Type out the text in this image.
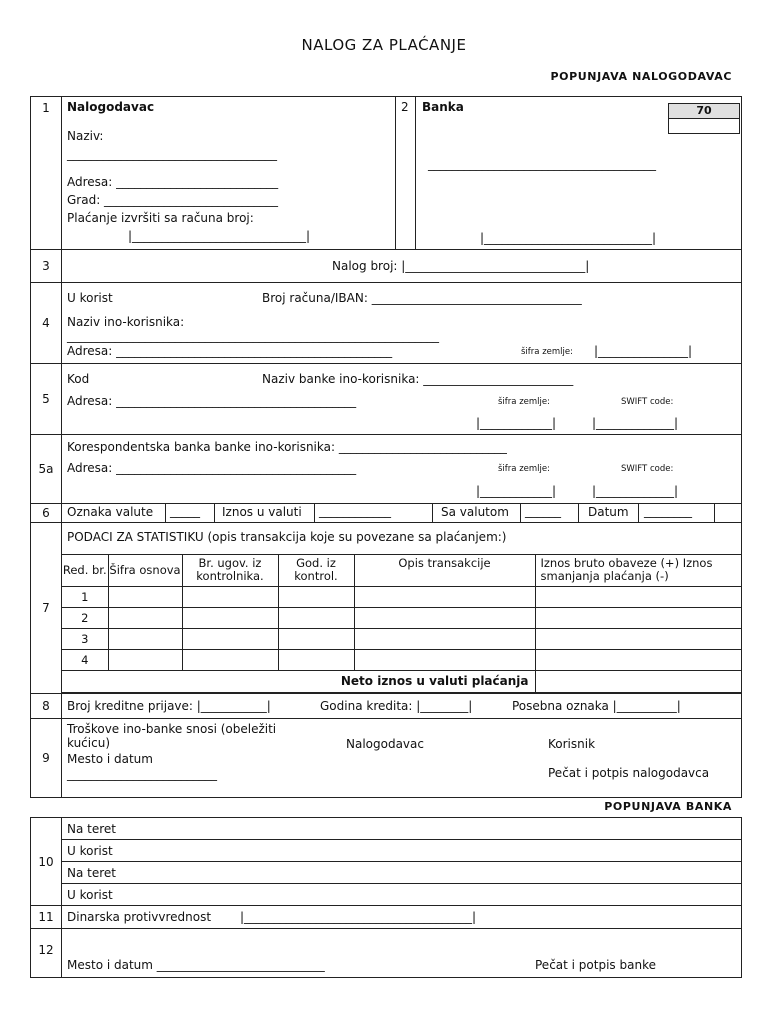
NALOG ZA PLAĆANJE
POPUNJAVA NALOGODAVAC
1	Nalogodavac
Naziv:
___________________________________
Adresa: ___________________________
Grad: _____________________________
Plaćanje izvršiti sa računa broj:
|_____________________________|
2 Banka	70
______________________________________
|____________________________|

3	Nalog broj: |______________________________|

4	
U korist	Broj računa/IBAN: ___________________________________
Naziv ino-korisnika:
______________________________________________________________
Adresa: ______________________________________________	šifra zemlje: |_______________|

5	
Kod	Naziv banke ino-korisnika: _________________________
Adresa: ________________________________________	šifra zemlje:	SWIFT code:
|____________|	|_____________|

5a	
Korespondentska banka banke ino-korisnika: ____________________________
Adresa: ________________________________________	šifra zemlje:	SWIFT code:
|____________|	|_____________|

6	Oznaka valute _____ Iznos u valuti ____________	Sa valutom ______ Datum ________

7	
PODACI ZA STATISTIKU (opis transakcija koje su povezane sa plaćanjem:)
Red. br.	Šifra osnova	Br. ugov. iz kontrolnika.	God. iz kontrol.	Opis transakcije	Iznos bruto obaveze (+) Iznos smanjanja plaćanja (-)
1					
2					
3					
4					
Neto iznos u valuti plaćanja	

8	Broj kreditne prijave: |___________|	Godina kredita: |________|	Posebna oznaka |__________|

9	
Troškove ino-banke snosi (obeležiti kućicu)	Nalogodavac	Korisnik
Mesto i datum
_________________________	Pečat i potpis nalogodavca
POPUNJAVA BANKA
10	Na teret
	U korist
	Na teret
	U korist
11	Dinarska protivvrednost |______________________________________|

12	Mesto i datum ____________________________ Pečat i potpis banke
